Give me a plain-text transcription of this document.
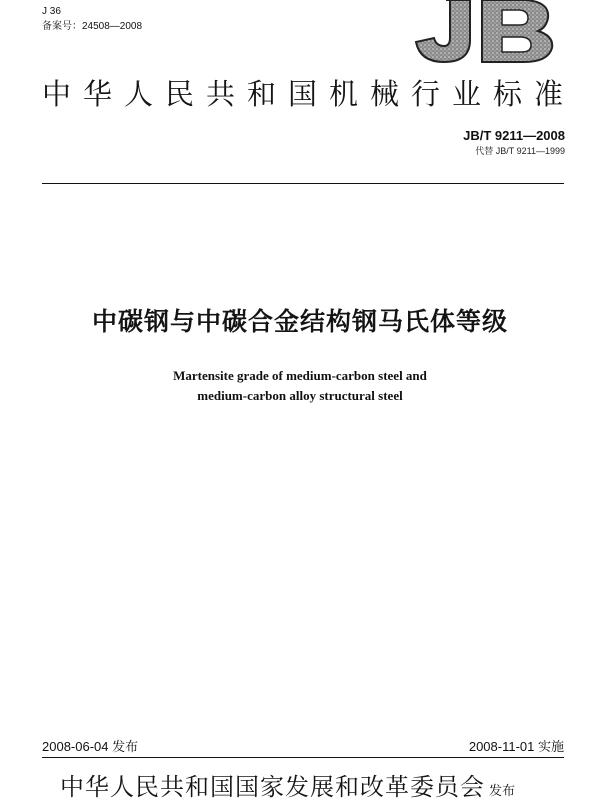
J 36
备案号：24508—2008
中华人民共和国机械行业标准
JB/T 9211—2008
代替 JB/T 9211—1999
中碳钢与中碳合金结构钢马氏体等级
Martensite grade of medium-carbon steel and
medium-carbon alloy structural steel
2008-06-04 发布	2008-11-01 实施
中华人民共和国国家发展和改革委员会 发布
